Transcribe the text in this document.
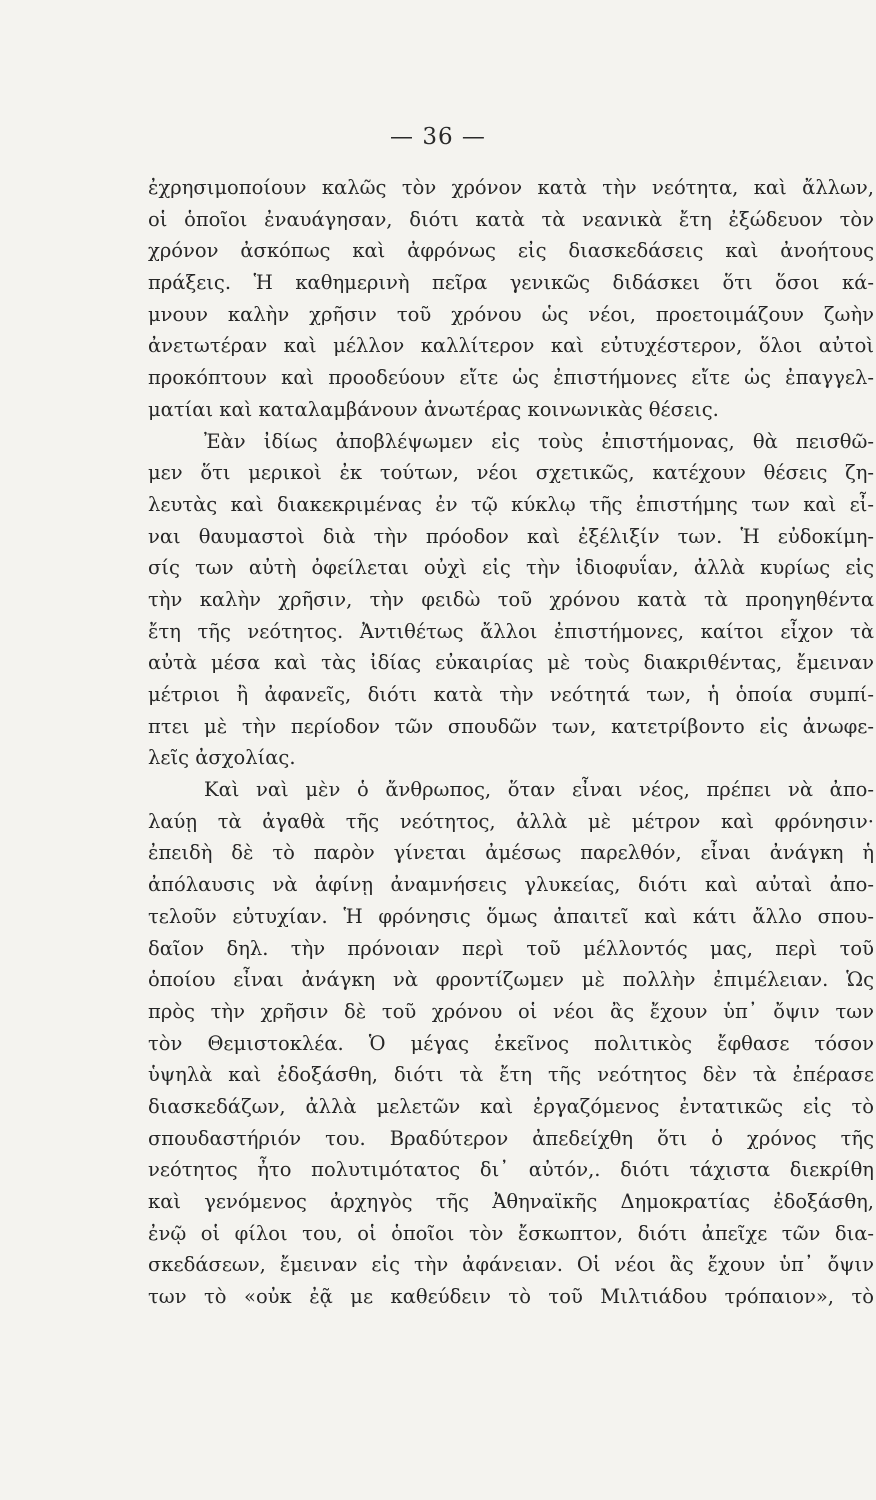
— 36 —
ἐχρησιμοποίουν καλῶς τὸν χρόνον κατὰ τὴν νεότητα, καὶ ἄλλων,
οἱ ὁποῖοι ἐναυάγησαν, διότι κατὰ τὰ νεανικὰ ἔτη ἐξώδευον τὸν
χρόνον ἀσκόπως καὶ ἀφρόνως εἰς διασκεδάσεις καὶ ἀνοήτους
πράξεις. Ἡ καθημερινὴ πεῖρα γενικῶς διδάσκει ὅτι ὅσοι κά-
μνουν καλὴν χρῆσιν τοῦ χρόνου ὡς νέοι, προετοιμάζουν ζωὴν
ἀνετωτέραν καὶ μέλλον καλλίτερον καὶ εὐτυχέστερον, ὅλοι αὐτοὶ
προκόπτουν καὶ προοδεύουν εἴτε ὡς ἐπιστήμονες εἴτε ὡς ἐπαγγελ-
ματίαι καὶ καταλαμβάνουν ἀνωτέρας κοινωνικὰς θέσεις.
Ἐὰν ἰδίως ἀποβλέψωμεν εἰς τοὺς ἐπιστήμονας, θὰ πεισθῶ-
μεν ὅτι μερικοὶ ἐκ τούτων, νέοι σχετικῶς, κατέχουν θέσεις ζη-
λευτὰς καὶ διακεκριμένας ἐν τῷ κύκλῳ τῆς ἐπιστήμης των καὶ εἶ-
ναι θαυμαστοὶ διὰ τὴν πρόοδον καὶ ἐξέλιξίν των. Ἡ εὐδοκίμη-
σίς των αὐτὴ ὀφείλεται οὐχὶ εἰς τὴν ἰδιοφυΐαν, ἀλλὰ κυρίως εἰς
τὴν καλὴν χρῆσιν, τὴν φειδὼ τοῦ χρόνου κατὰ τὰ προηγηθέντα
ἔτη τῆς νεότητος. Ἀντιθέτως ἄλλοι ἐπιστήμονες, καίτοι εἶχον τὰ
αὐτὰ μέσα καὶ τὰς ἰδίας εὐκαιρίας μὲ τοὺς διακριθέντας, ἔμειναν
μέτριοι ἢ ἀφανεῖς, διότι κατὰ τὴν νεότητά των, ἡ ὁποία συμπί-
πτει μὲ τὴν περίοδον τῶν σπουδῶν των, κατετρίβοντο εἰς ἀνωφε-
λεῖς ἀσχολίας.
Καὶ ναὶ μὲν ὁ ἄνθρωπος, ὅταν εἶναι νέος, πρέπει νὰ ἀπο-
λαύῃ τὰ ἀγαθὰ τῆς νεότητος, ἀλλὰ μὲ μέτρον καὶ φρόνησιν·
ἐπειδὴ δὲ τὸ παρὸν γίνεται ἀμέσως παρελθόν, εἶναι ἀνάγκη ἡ
ἀπόλαυσις νὰ ἀφίνῃ ἀναμνήσεις γλυκείας, διότι καὶ αὐταὶ ἀπο-
τελοῦν εὐτυχίαν. Ἡ φρόνησις ὅμως ἀπαιτεῖ καὶ κάτι ἄλλο σπου-
δαῖον δηλ. τὴν πρόνοιαν περὶ τοῦ μέλλοντός μας, περὶ τοῦ
ὁποίου εἶναι ἀνάγκη νὰ φροντίζωμεν μὲ πολλὴν ἐπιμέλειαν. Ὡς
πρὸς τὴν χρῆσιν δὲ τοῦ χρόνου οἱ νέοι ἂς ἔχουν ὑπ᾿ ὄψιν των
τὸν Θεμιστοκλέα. Ὁ μέγας ἐκεῖνος πολιτικὸς ἔφθασε τόσον
ὑψηλὰ καὶ ἐδοξάσθη, διότι τὰ ἔτη τῆς νεότητος δὲν τὰ ἐπέρασε
διασκεδάζων, ἀλλὰ μελετῶν καὶ ἐργαζόμενος ἐντατικῶς εἰς τὸ
σπουδαστήριόν του. Βραδύτερον ἀπεδείχθη ὅτι ὁ χρόνος τῆς
νεότητος ἦτο πολυτιμότατος δι᾿ αὐτόν,. διότι τάχιστα διεκρίθη
καὶ γενόμενος ἀρχηγὸς τῆς Ἀθηναϊκῆς Δημοκρατίας ἐδοξάσθη,
ἐνῷ οἱ φίλοι του, οἱ ὁποῖοι τὸν ἔσκωπτον, διότι ἀπεῖχε τῶν δια-
σκεδάσεων, ἔμειναν εἰς τὴν ἀφάνειαν. Οἱ νέοι ἂς ἔχουν ὑπ᾿ ὄψιν
των τὸ «οὐκ ἐᾷ με καθεύδειν τὸ τοῦ Μιλτιάδου τρόπαιον», τὸ
